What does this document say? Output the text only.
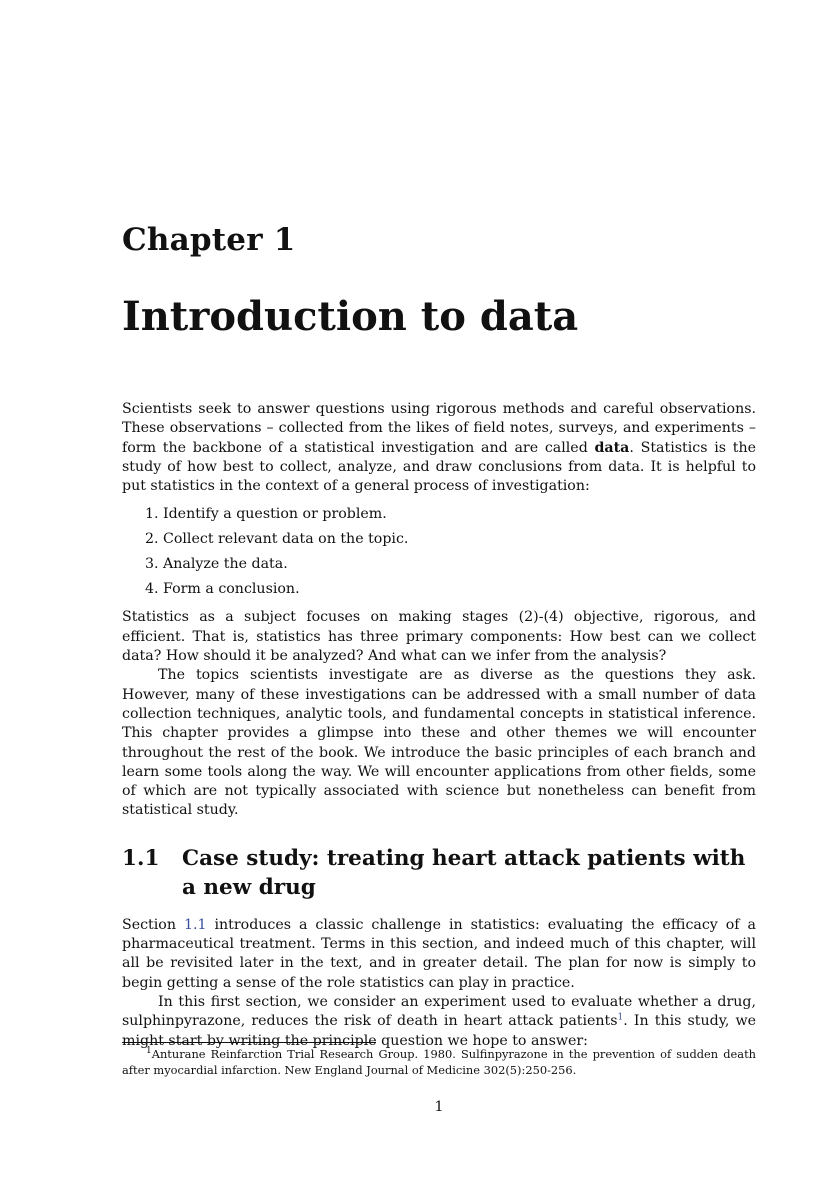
Chapter 1
Introduction to data

Scientists seek to answer questions using rigorous methods and careful observations. These observations – collected from the likes of field notes, surveys, and experiments – form the backbone of a statistical investigation and are called data. Statistics is the study of how best to collect, analyze, and draw conclusions from data. It is helpful to put statistics in the context of a general process of investigation:

1. Identify a question or problem.
2. Collect relevant data on the topic.
3. Analyze the data.
4. Form a conclusion.

Statistics as a subject focuses on making stages (2)-(4) objective, rigorous, and efficient. That is, statistics has three primary components: How best can we collect data? How should it be analyzed? And what can we infer from the analysis?

The topics scientists investigate are as diverse as the questions they ask. However, many of these investigations can be addressed with a small number of data collection techniques, analytic tools, and fundamental concepts in statistical inference. This chapter provides a glimpse into these and other themes we will encounter throughout the rest of the book. We introduce the basic principles of each branch and learn some tools along the way. We will encounter applications from other fields, some of which are not typically associated with science but nonetheless can benefit from statistical study.

1.1	Case study: treating heart attack patients with a new drug

Section 1.1 introduces a classic challenge in statistics: evaluating the efficacy of a pharmaceutical treatment. Terms in this section, and indeed much of this chapter, will all be revisited later in the text, and in greater detail. The plan for now is simply to begin getting a sense of the role statistics can play in practice.

In this first section, we consider an experiment used to evaluate whether a drug, sulphinpyrazone, reduces the risk of death in heart attack patients$^1$. In this study, we might start by writing the principle question we hope to answer:

$^1$Anturane Reinfarction Trial Research Group. 1980. Sulfinpyrazone in the prevention of sudden death after myocardial infarction. New England Journal of Medicine 302(5):250-256.

1
